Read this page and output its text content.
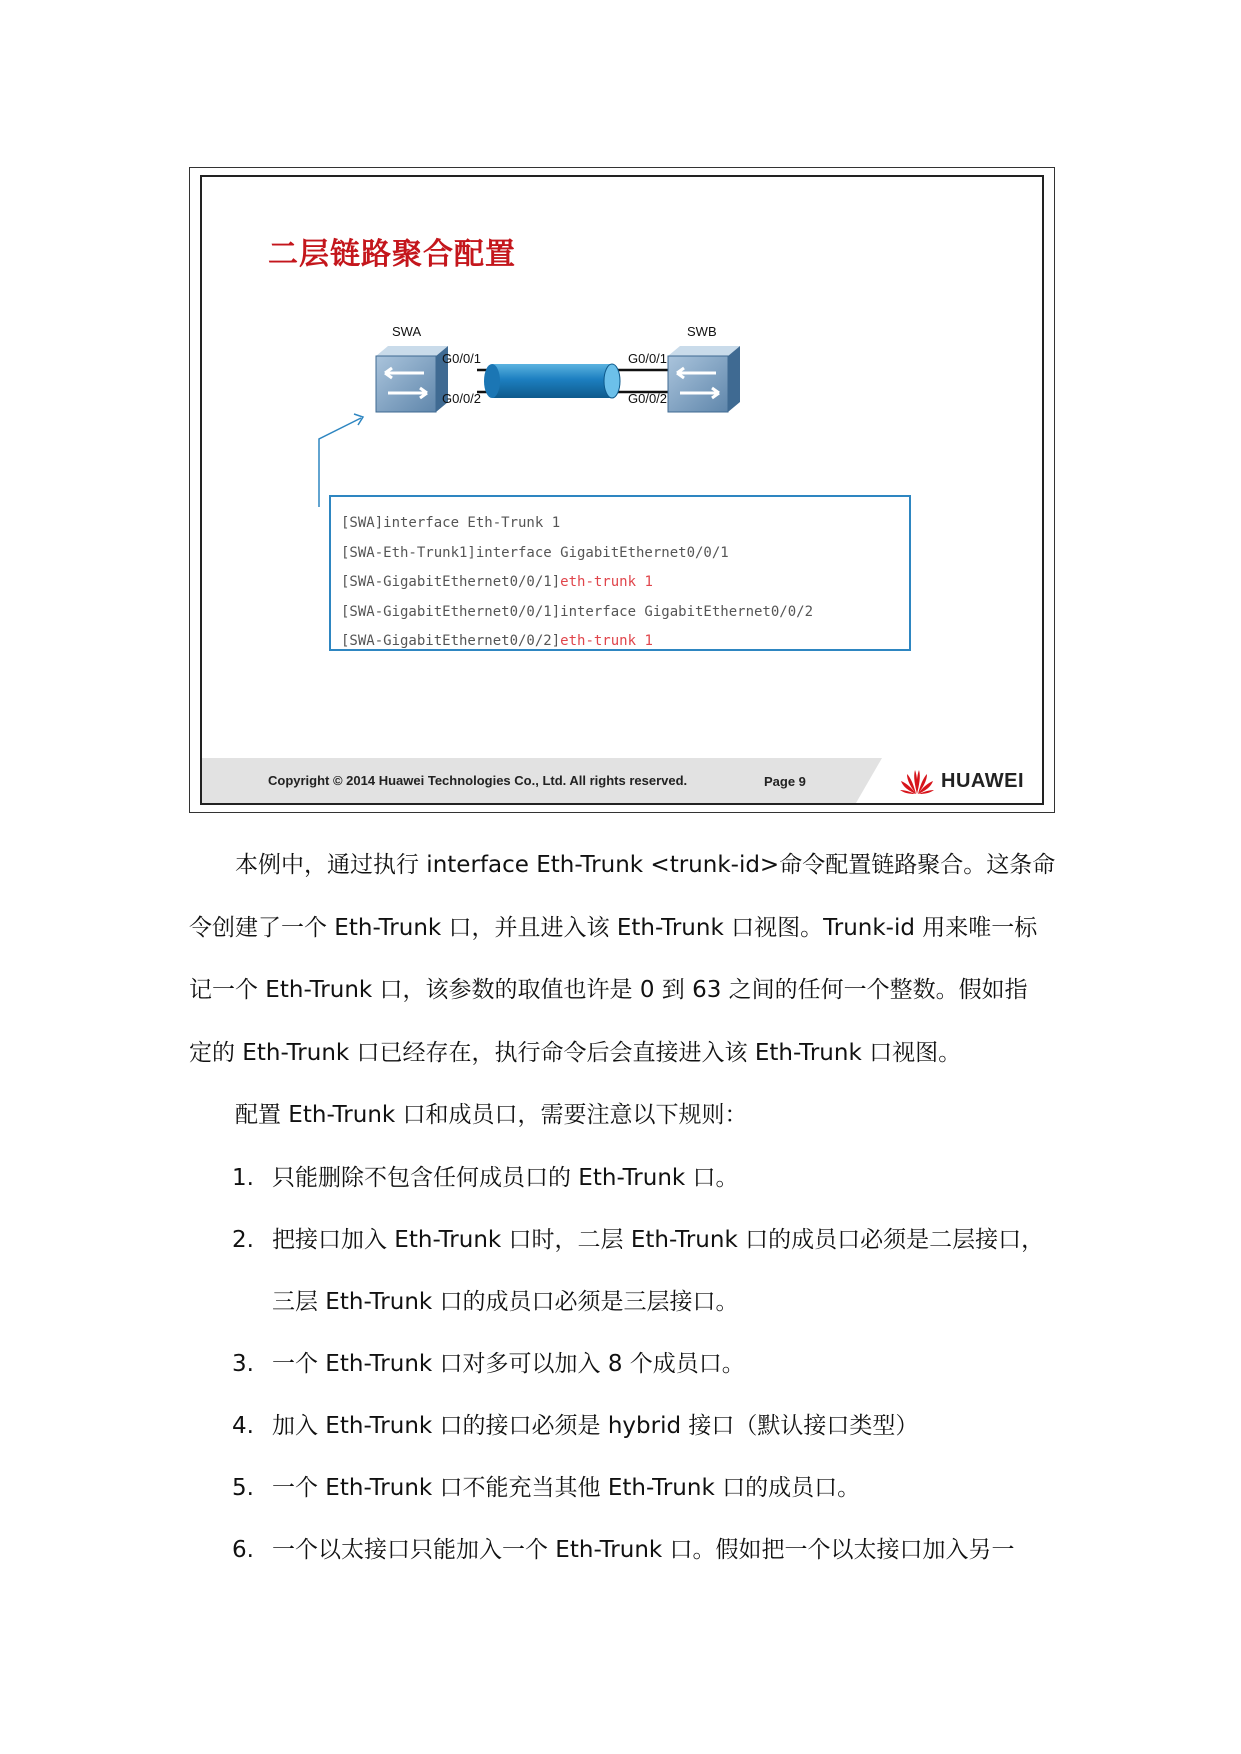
二层链路聚合配置
SWA	SWB
G0/0/1
G0/0/2
G0/0/1
G0/0/2
[SWA]interface Eth-Trunk 1
[SWA-Eth-Trunk1]interface GigabitEthernet0/0/1
[SWA-GigabitEthernet0/0/1]eth-trunk 1
[SWA-GigabitEthernet0/0/1]interface GigabitEthernet0/0/2
[SWA-GigabitEthernet0/0/2]eth-trunk 1
Copyright © 2014 Huawei Technologies Co., Ltd. All rights reserved.	Page 9	HUAWEI
本例中，通过执行 interface Eth-Trunk <trunk-id>命令配置链路聚合。这条命
令创建了一个 Eth-Trunk 口，并且进入该 Eth-Trunk 口视图。Trunk-id 用来唯一标
记一个 Eth-Trunk 口，该参数的取值也许是 0 到 63 之间的任何一个整数。假如指
定的 Eth-Trunk 口已经存在，执行命令后会直接进入该 Eth-Trunk 口视图。
配置 Eth-Trunk 口和成员口，需要注意以下规则：
1. 只能删除不包含任何成员口的 Eth-Trunk 口。
2. 把接口加入 Eth-Trunk 口时，二层 Eth-Trunk 口的成员口必须是二层接口，
三层 Eth-Trunk 口的成员口必须是三层接口。
3. 一个 Eth-Trunk 口对多可以加入 8 个成员口。
4. 加入 Eth-Trunk 口的接口必须是 hybrid 接口（默认接口类型）
5. 一个 Eth-Trunk 口不能充当其他 Eth-Trunk 口的成员口。
6. 一个以太接口只能加入一个 Eth-Trunk 口。假如把一个以太接口加入另一
